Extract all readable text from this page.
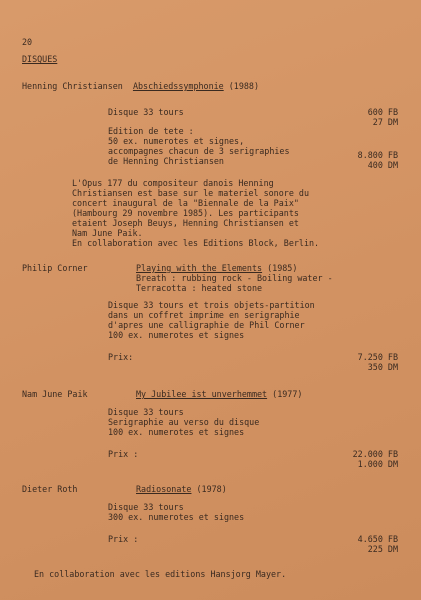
20
DISQUES
Henning Christiansen Abschiedssymphonie (1988)
Disque 33 tours	600 FB
27 DM
Edition de tete :
50 ex. numerotes et signes,
accompagnes chacun de 3 serigraphies
de Henning Christiansen
8.800 FB
400 DM
L'Opus 177 du compositeur danois Henning
Christiansen est base sur le materiel sonore du
concert inaugural de la "Biennale de la Paix"
(Hambourg 29 novembre 1985). Les participants
etaient Joseph Beuys, Henning Christiansen et
Nam June Paik.
En collaboration avec les Editions Block, Berlin.
Philip Corner	Playing with the Elements (1985)
Breath : rubbing rock - Boiling water -
Terracotta : heated stone
Disque 33 tours et trois objets-partition
dans un coffret imprime en serigraphie
d'apres une calligraphie de Phil Corner
100 ex. numerotes et signes
Prix:	7.250 FB
350 DM
Nam June Paik	My Jubilee ist unverhemmet (1977)
Disque 33 tours
Serigraphie au verso du disque
100 ex. numerotes et signes
Prix :	22.000 FB
1.000 DM
Dieter Roth	Radiosonate (1978)
Disque 33 tours
300 ex. numerotes et signes
Prix :	4.650 FB
225 DM
En collaboration avec les editions Hansjorg Mayer.
